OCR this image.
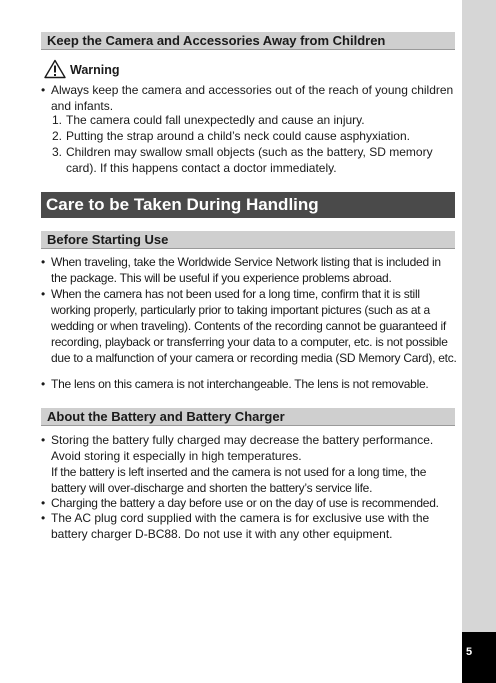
Keep the Camera and Accessories Away from Children
Warning
• Always keep the camera and accessories out of the reach of young children and infants.
1. The camera could fall unexpectedly and cause an injury.
2. Putting the strap around a child’s neck could cause asphyxiation.
3. Children may swallow small objects (such as the battery, SD memory card). If this happens contact a doctor immediately.
Care to be Taken During Handling
Before Starting Use
• When traveling, take the Worldwide Service Network listing that is included in the package. This will be useful if you experience problems abroad.
• When the camera has not been used for a long time, confirm that it is still working properly, particularly prior to taking important pictures (such as at a wedding or when traveling). Contents of the recording cannot be guaranteed if recording, playback or transferring your data to a computer, etc. is not possible due to a malfunction of your camera or recording media (SD Memory Card), etc.
• The lens on this camera is not interchangeable. The lens is not removable.
About the Battery and Battery Charger
• Storing the battery fully charged may decrease the battery performance. Avoid storing it especially in high temperatures.
If the battery is left inserted and the camera is not used for a long time, the battery will over-discharge and shorten the battery’s service life.
• Charging the battery a day before use or on the day of use is recommended.
• The AC plug cord supplied with the camera is for exclusive use with the battery charger D-BC88. Do not use it with any other equipment.
5
